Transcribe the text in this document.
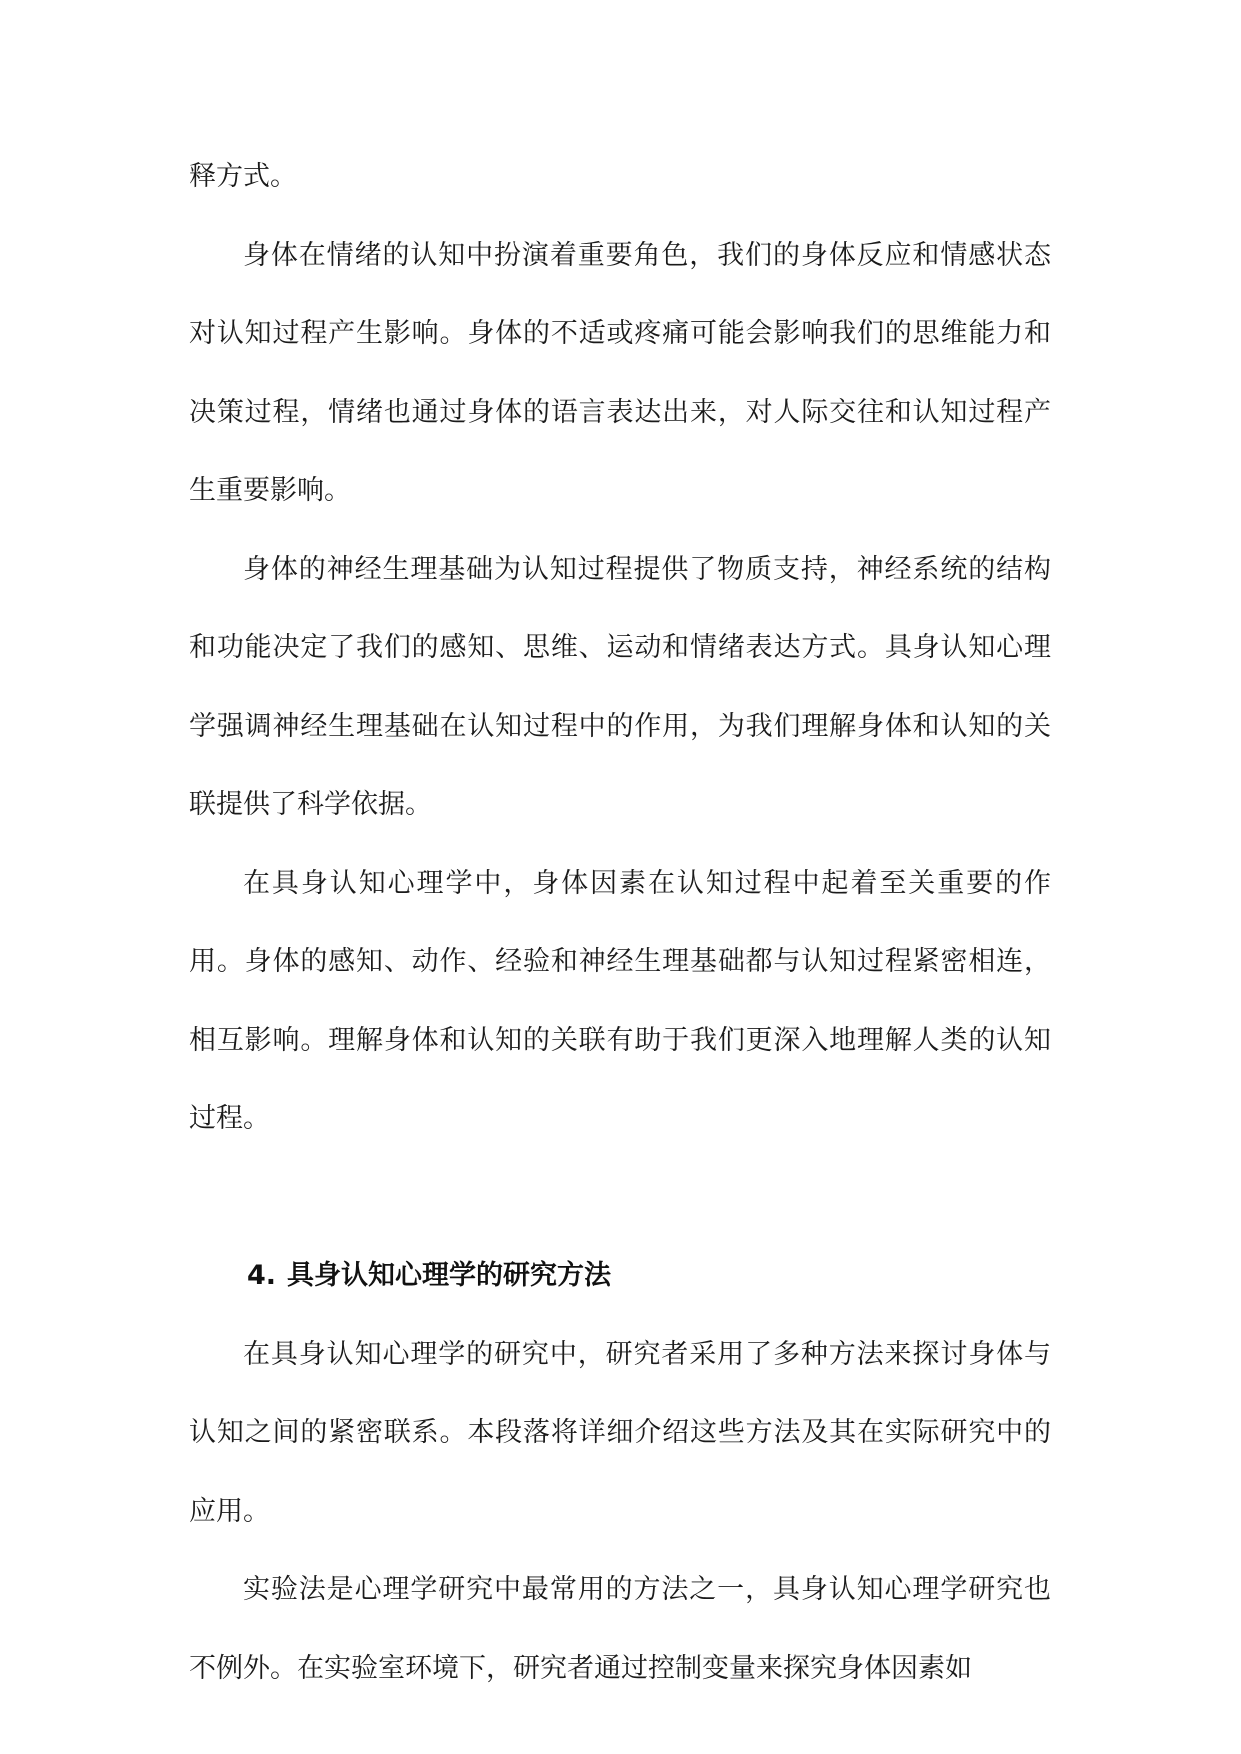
释方式。

身体在情绪的认知中扮演着重要角色，我们的身体反应和情感状态对认知过程产生影响。身体的不适或疼痛可能会影响我们的思维能力和决策过程，情绪也通过身体的语言表达出来，对人际交往和认知过程产生重要影响。

身体的神经生理基础为认知过程提供了物质支持，神经系统的结构和功能决定了我们的感知、思维、运动和情绪表达方式。具身认知心理学强调神经生理基础在认知过程中的作用，为我们理解身体和认知的关联提供了科学依据。

在具身认知心理学中，身体因素在认知过程中起着至关重要的作用。身体的感知、动作、经验和神经生理基础都与认知过程紧密相连，相互影响。理解身体和认知的关联有助于我们更深入地理解人类的认知过程。

4. 具身认知心理学的研究方法

在具身认知心理学的研究中，研究者采用了多种方法来探讨身体与认知之间的紧密联系。本段落将详细介绍这些方法及其在实际研究中的应用。

实验法是心理学研究中最常用的方法之一，具身认知心理学研究也不例外。在实验室环境下，研究者通过控制变量来探究身体因素如
